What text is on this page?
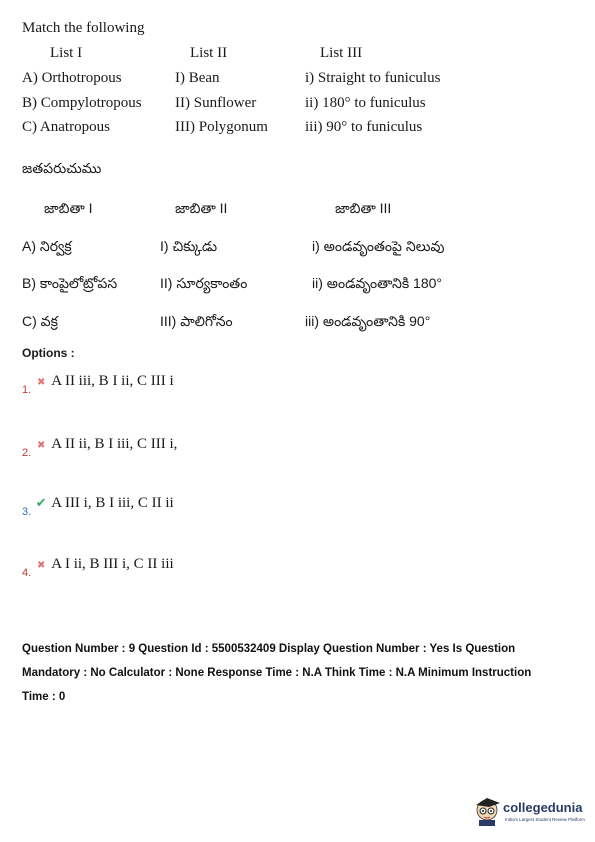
Match the following
List I	List II	List III
A) Orthotropous	I) Bean	i) Straight to funiculus
B) Compylotropous II) Sunflower	ii) 180° to funiculus
C) Anatropous	III) Polygonum iii) 90° to funiculus
జతపరుచుము
జాబితా I	జాబితా II	జాబితా III
A) నిర్వక్ర	I) చిక్కుడు	i) అండవృంతంపై నిలువు
B) కాంపైలోట్రోపస	II) సూర్యకాంతం	ii) అండవృంతానికి 180°
C) వక్ర	III) పాలిగోనం	iii) అండవృంతానికి 90°
Options :
$_{1.}$ ✖ A II iii, B I ii, C III i
$_{2.}$ ✖ A II ii, B I iii, C III i,
$_{3.}$ ✔ A III i, B I iii, C II ii
$_{4.}$ ✖ A I ii, B III i, C II iii
Question Number : 9 Question Id : 5500532409 Display Question Number : Yes Is Question
Mandatory : No Calculator : None Response Time : N.A Think Time : N.A Minimum Instruction
Time : 0
collegedunia
India's Largest Student Review Platform
